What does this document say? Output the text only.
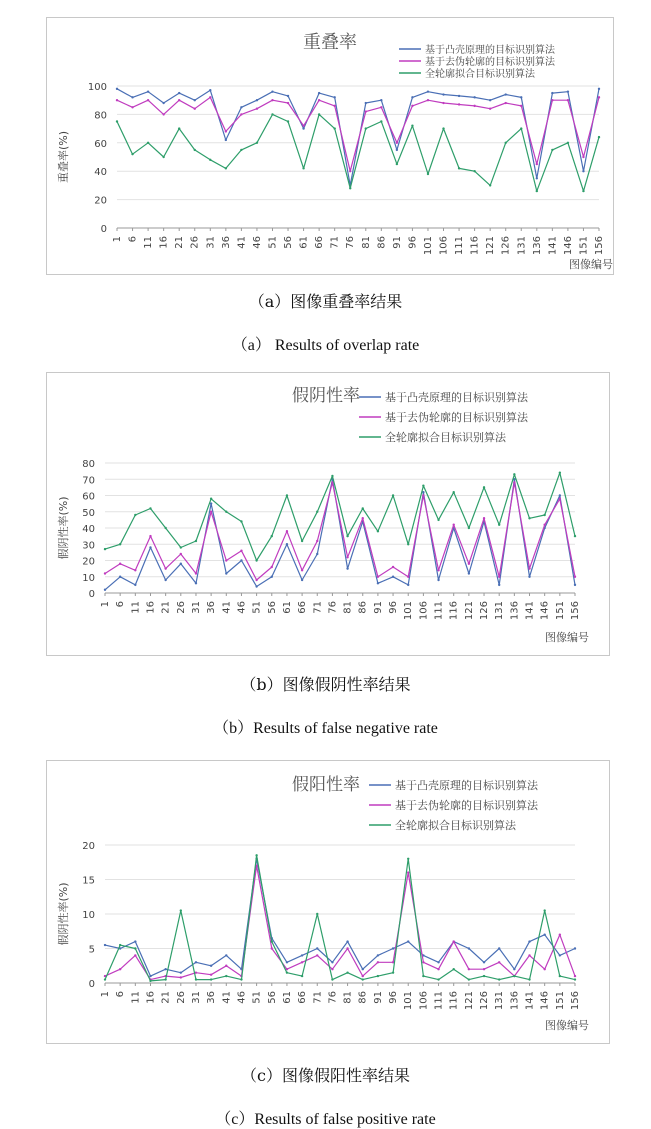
重叠率
0
20
40
60
80
100
1 6 11 16 21 26 31 36 41 46 51 56 61 66 71 76 81 86 91 96 101 106 111 116 121 126 131 136 141 146 151 156
重叠率(%)
图像编号
基于凸壳原理的目标识别算法
基于去伪轮廓的目标识别算法
全轮廓拟合目标识别算法
（a）图像重叠率结果
（a） Results of overlap rate
假阴性率
0
10
20
30
40
50
60
70
80
1 6 11 16 21 26 31 36 41 46 51 56 61 66 71 76 81 86 91 96 101 106 111 116 121 126 131 136 141 146 151 156
假阴性率(%)
图像编号
基于凸壳原理的目标识别算法
基于去伪轮廓的目标识别算法
全轮廓拟合目标识别算法
（b）图像假阴性率结果
（b）Results of false negative rate
假阳性率
0
5
10
15
20
1 6 11 16 21 26 31 36 41 46 51 56 61 66 71 76 81 86 91 96 101 106 111 116 121 126 131 136 141 146 151 156
假阴性率(%)
图像编号
基于凸壳原理的目标识别算法
基于去伪轮廓的目标识别算法
全轮廓拟合目标识别算法
（c）图像假阳性率结果
（c）Results of false positive rate
